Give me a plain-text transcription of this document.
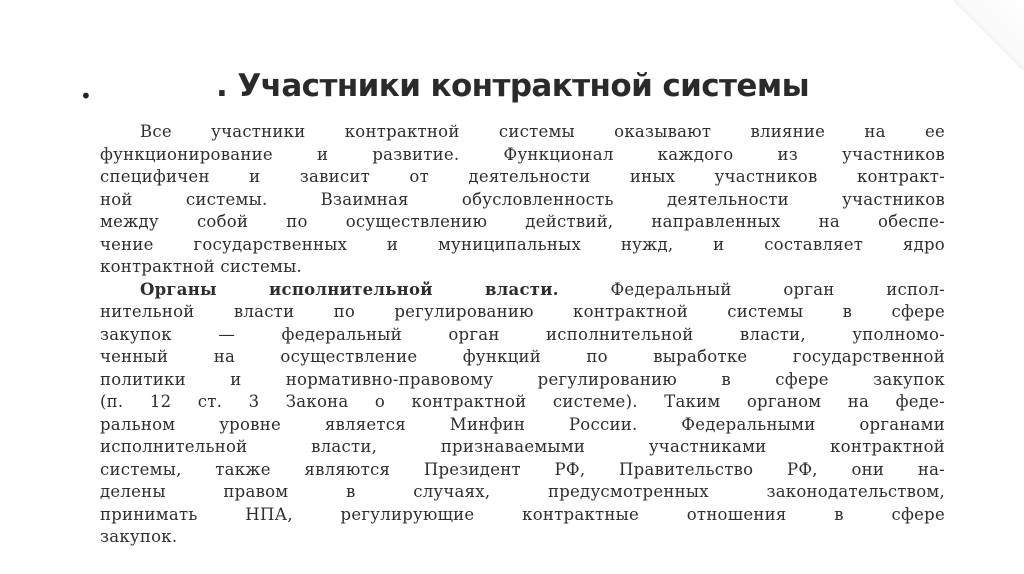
•	. Участники контрактной системы
Все участники контрактной системы оказывают влияние на ее
функционирование и развитие. Функционал каждого из участников
специфичен и зависит от деятельности иных участников контракт-
ной системы. Взаимная обусловленность деятельности участников
между собой по осуществлению действий, направленных на обеспе-
чение государственных и муниципальных нужд, и составляет ядро
контрактной системы.
Органы исполнительной власти. Федеральный орган испол-
нительной власти по регулированию контрактной системы в сфере
закупок — федеральный орган исполнительной власти, уполномо-
ченный на осуществление функций по выработке государственной
политики и нормативно-правовому регулированию в сфере закупок
(п. 12 ст. 3 Закона о контрактной системе). Таким органом на феде-
ральном уровне является Минфин России. Федеральными органами
исполнительной власти, признаваемыми участниками контрактной
системы, также являются Президент РФ, Правительство РФ, они на-
делены правом в случаях, предусмотренных законодательством,
принимать НПА, регулирующие контрактные отношения в сфере
закупок.
